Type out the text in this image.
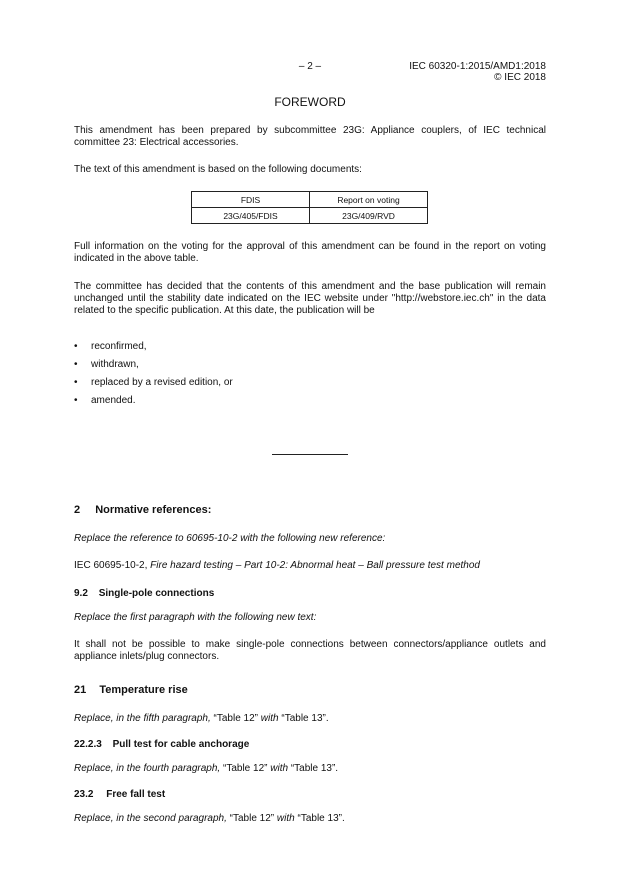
– 2 –	IEC 60320-1:2015/AMD1:2018
© IEC 2018
FOREWORD

This amendment has been prepared by subcommittee 23G: Appliance couplers, of IEC technical committee 23: Electrical accessories.

The text of this amendment is based on the following documents:

FDIS	Report on voting
23G/405/FDIS	23G/409/RVD

Full information on the voting for the approval of this amendment can be found in the report on voting indicated in the above table.

The committee has decided that the contents of this amendment and the base publication will remain unchanged until the stability date indicated on the IEC website under "http://webstore.iec.ch" in the data related to the specific publication. At this date, the publication will be

• reconfirmed,
• withdrawn,
• replaced by a revised edition, or
• amended.
2 Normative references:

Replace the reference to 60695-10-2 with the following new reference:

IEC 60695-10-2, Fire hazard testing – Part 10-2: Abnormal heat – Ball pressure test method

9.2 Single-pole connections

Replace the first paragraph with the following new text:

It shall not be possible to make single-pole connections between connectors/appliance outlets and appliance inlets/plug connectors.

21 Temperature rise

Replace, in the fifth paragraph, “Table 12” with “Table 13”.

22.2.3 Pull test for cable anchorage

Replace, in the fourth paragraph, “Table 12” with “Table 13”.

23.2 Free fall test

Replace, in the second paragraph, “Table 12” with “Table 13”.
